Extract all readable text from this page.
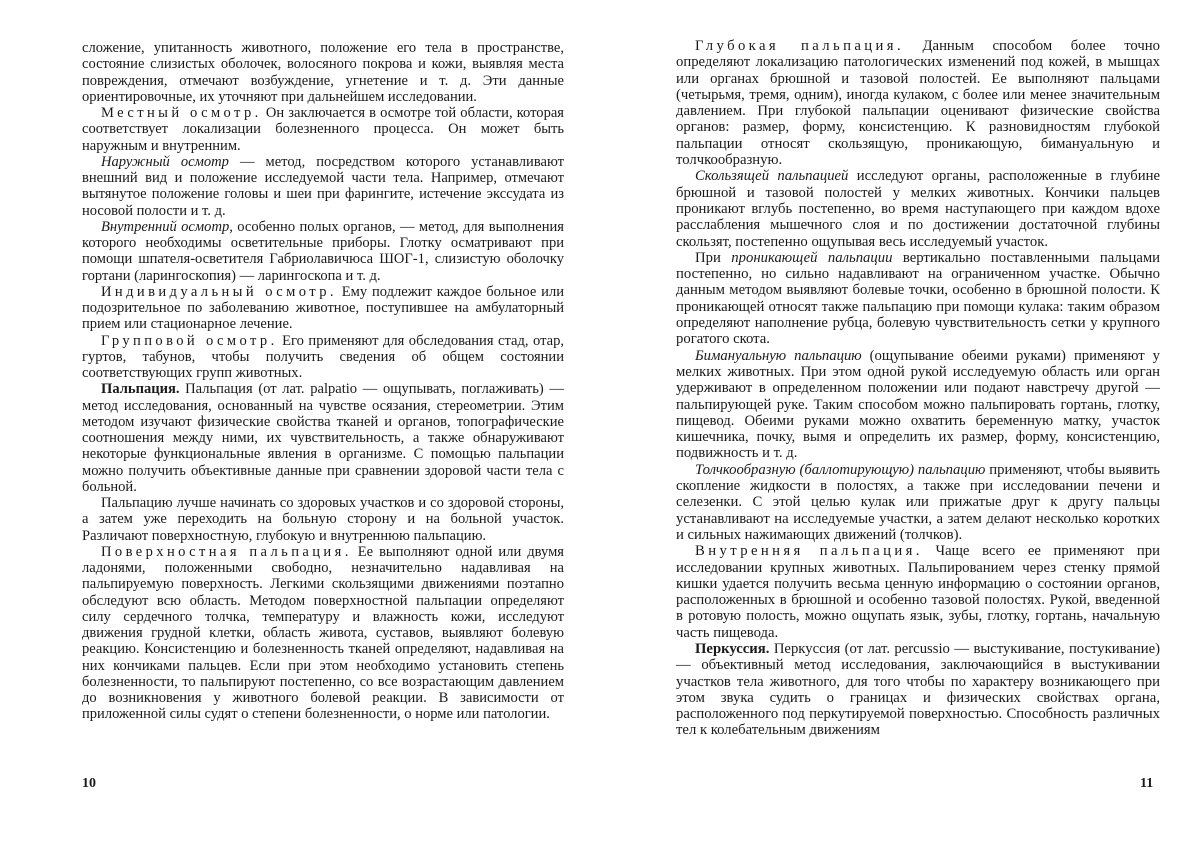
сложение, упитанность животного, положение его тела в пространстве, состояние слизистых оболочек, волосяного покрова и кожи, выявляя места повреждения, отмечают возбуждение, угнетение и т. д. Эти данные ориентировочные, их уточняют при дальнейшем исследовании.

Местный осмотр. Он заключается в осмотре той области, которая соответствует локализации болезненного процесса. Он может быть наружным и внутренним.

Наружный осмотр — метод, посредством которого устанавливают внешний вид и положение исследуемой части тела. Например, отмечают вытянутое положение головы и шеи при фарингите, истечение экссудата из носовой полости и т. д.

Внутренний осмотр, особенно полых органов, — метод, для выполнения которого необходимы осветительные приборы. Глотку осматривают при помощи шпателя-осветителя Габриолавичюса ШОГ-1, слизистую оболочку гортани (ларингоскопия) — ларингоскопа и т. д.

Индивидуальный осмотр. Ему подлежит каждое больное или подозрительное по заболеванию животное, поступившее на амбулаторный прием или стационарное лечение.

Групповой осмотр. Его применяют для обследования стад, отар, гуртов, табунов, чтобы получить сведения об общем состоянии соответствующих групп животных.

Пальпация. Пальпация (от лат. palpatio — ощупывать, поглаживать) — метод исследования, основанный на чувстве осязания, стереометрии. Этим методом изучают физические свойства тканей и органов, топографические соотношения между ними, их чувствительность, а также обнаруживают некоторые функциональные явления в организме. С помощью пальпации можно получить объективные данные при сравнении здоровой части тела с больной.

Пальпацию лучше начинать со здоровых участков и со здоровой стороны, а затем уже переходить на больную сторону и на больной участок. Различают поверхностную, глубокую и внутреннюю пальпацию.

Поверхностная пальпация. Ее выполняют одной или двумя ладонями, положенными свободно, незначительно надавливая на пальпируемую поверхность. Легкими скользящими движениями поэтапно обследуют всю область. Методом поверхностной пальпации определяют силу сердечного толчка, температуру и влажность кожи, исследуют движения грудной клетки, область живота, суставов, выявляют болевую реакцию. Консистенцию и болезненность тканей определяют, надавливая на них кончиками пальцев. Если при этом необходимо установить степень болезненности, то пальпируют постепенно, со все возрастающим давлением до возникновения у животного болевой реакции. В зависимости от приложенной силы судят о степени болезненности, о норме или патологии.

10

Глубокая пальпация. Данным способом более точно определяют локализацию патологических изменений под кожей, в мышцах или органах брюшной и тазовой полостей. Ее выполняют пальцами (четырьмя, тремя, одним), иногда кулаком, с более или менее значительным давлением. При глубокой пальпации оценивают физические свойства органов: размер, форму, консистенцию. К разновидностям глубокой пальпации относят скользящую, проникающую, бимануальную и толчкообразную.

Скользящей пальпацией исследуют органы, расположенные в глубине брюшной и тазовой полостей у мелких животных. Кончики пальцев проникают вглубь постепенно, во время наступающего при каждом вдохе расслабления мышечного слоя и по достижении достаточной глубины скользят, постепенно ощупывая весь исследуемый участок.

При проникающей пальпации вертикально поставленными пальцами постепенно, но сильно надавливают на ограниченном участке. Обычно данным методом выявляют болевые точки, особенно в брюшной полости. К проникающей относят также пальпацию при помощи кулака: таким образом определяют наполнение рубца, болевую чувствительность сетки у крупного рогатого скота.

Бимануальную пальпацию (ощупывание обеими руками) применяют у мелких животных. При этом одной рукой исследуемую область или орган удерживают в определенном положении или подают навстречу другой — пальпирующей руке. Таким способом можно пальпировать гортань, глотку, пищевод. Обеими руками можно охватить беременную матку, участок кишечника, почку, вымя и определить их размер, форму, консистенцию, подвижность и т. д.

Толчкообразную (баллотирующую) пальпацию применяют, чтобы выявить скопление жидкости в полостях, а также при исследовании печени и селезенки. С этой целью кулак или прижатые друг к другу пальцы устанавливают на исследуемые участки, а затем делают несколько коротких и сильных нажимающих движений (толчков).

Внутренняя пальпация. Чаще всего ее применяют при исследовании крупных животных. Пальпированием через стенку прямой кишки удается получить весьма ценную информацию о состоянии органов, расположенных в брюшной и особенно тазовой полостях. Рукой, введенной в ротовую полость, можно ощупать язык, зубы, глотку, гортань, начальную часть пищевода.

Перкуссия. Перкуссия (от лат. percussio — выстукивание, постукивание) — объективный метод исследования, заключающийся в выстукивании участков тела животного, для того чтобы по характеру возникающего при этом звука судить о границах и физических свойствах органа, расположенного под перкутируемой поверхностью. Способность различных тел к колебательным движениям

11
